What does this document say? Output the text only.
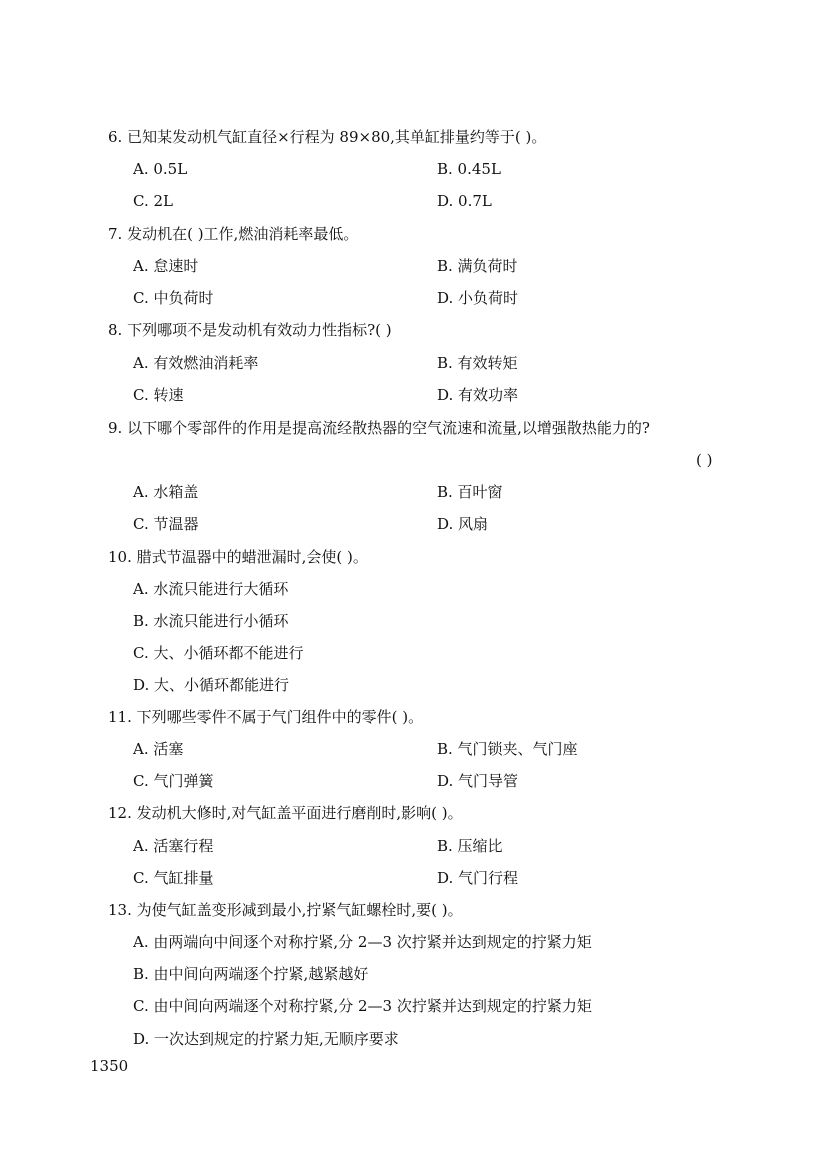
6. 已知某发动机气缸直径×行程为 89×80,其单缸排量约等于( )。
A. 0.5L	B. 0.45L
C. 2L	D. 0.7L
7. 发动机在( )工作,燃油消耗率最低。
A. 怠速时	B. 满负荷时
C. 中负荷时	D. 小负荷时
8. 下列哪项不是发动机有效动力性指标?( )
A. 有效燃油消耗率	B. 有效转矩
C. 转速	D. 有效功率
9. 以下哪个零部件的作用是提高流经散热器的空气流速和流量,以增强散热能力的?
( )
A. 水箱盖	B. 百叶窗
C. 节温器	D. 风扇
10. 腊式节温器中的蜡泄漏时,会使( )。
A. 水流只能进行大循环
B. 水流只能进行小循环
C. 大、小循环都不能进行
D. 大、小循环都能进行
11. 下列哪些零件不属于气门组件中的零件( )。
A. 活塞	B. 气门锁夹、气门座
C. 气门弹簧	D. 气门导管
12. 发动机大修时,对气缸盖平面进行磨削时,影响( )。
A. 活塞行程	B. 压缩比
C. 气缸排量	D. 气门行程
13. 为使气缸盖变形减到最小,拧紧气缸螺栓时,要( )。
A. 由两端向中间逐个对称拧紧,分 2—3 次拧紧并达到规定的拧紧力矩
B. 由中间向两端逐个拧紧,越紧越好
C. 由中间向两端逐个对称拧紧,分 2—3 次拧紧并达到规定的拧紧力矩
D. 一次达到规定的拧紧力矩,无顺序要求
1350
